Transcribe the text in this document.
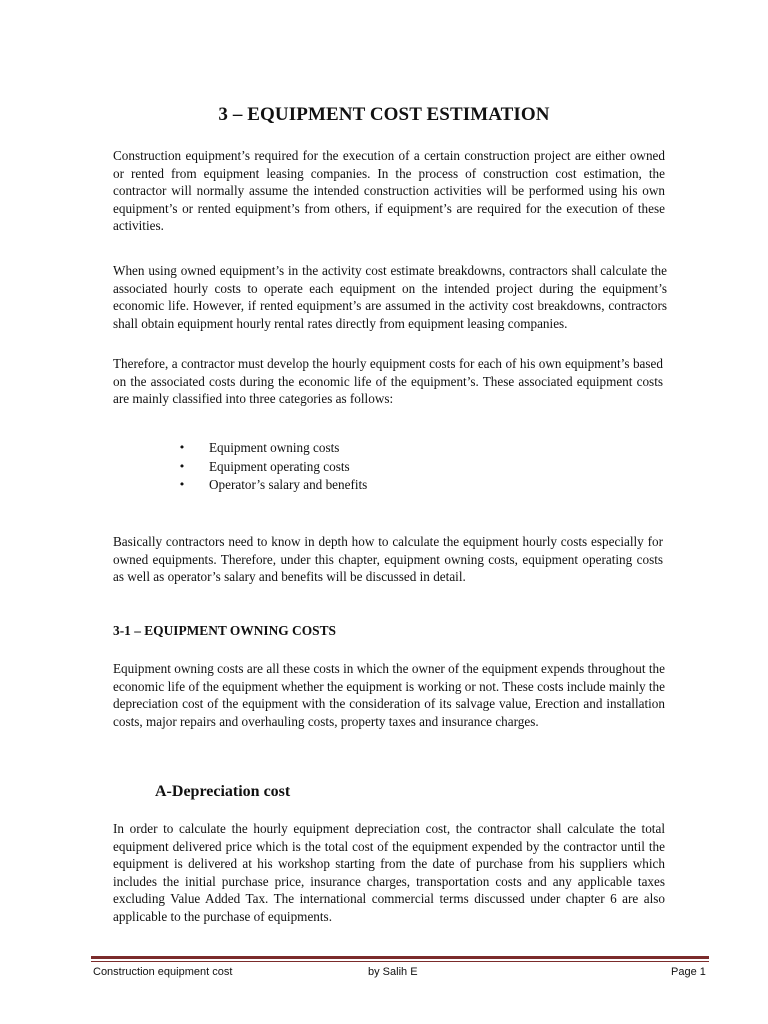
3 – EQUIPMENT COST ESTIMATION

Construction equipment’s required for the execution of a certain construction project are either owned or rented from equipment leasing companies. In the process of construction cost estimation, the contractor will normally assume the intended construction activities will be performed using his own equipment’s or rented equipment’s from others, if equipment’s are required for the execution of these activities.

When using owned equipment’s in the activity cost estimate breakdowns, contractors shall calculate the associated hourly costs to operate each equipment on the intended project during the equipment’s economic life. However, if rented equipment’s are assumed in the activity cost breakdowns, contractors shall obtain equipment hourly rental rates directly from equipment leasing companies.

Therefore, a contractor must develop the hourly equipment costs for each of his own equipment’s based on the associated costs during the economic life of the equipment’s. These associated equipment costs are mainly classified into three categories as follows:

• Equipment owning costs
• Equipment operating costs
• Operator’s salary and benefits

Basically contractors need to know in depth how to calculate the equipment hourly costs especially for owned equipments. Therefore, under this chapter, equipment owning costs, equipment operating costs as well as operator’s salary and benefits will be discussed in detail.

3-1 – EQUIPMENT OWNING COSTS

Equipment owning costs are all these costs in which the owner of the equipment expends throughout the economic life of the equipment whether the equipment is working or not. These costs include mainly the depreciation cost of the equipment with the consideration of its salvage value, Erection and installation costs, major repairs and overhauling costs, property taxes and insurance charges.

A-Depreciation cost

In order to calculate the hourly equipment depreciation cost, the contractor shall calculate the total equipment delivered price which is the total cost of the equipment expended by the contractor until the equipment is delivered at his workshop starting from the date of purchase from his suppliers which includes the initial purchase price, insurance charges, transportation costs and any applicable taxes excluding Value Added Tax. The international commercial terms discussed under chapter 6 are also applicable to the purchase of equipments.

Construction equipment cost	by Salih E	Page 1
